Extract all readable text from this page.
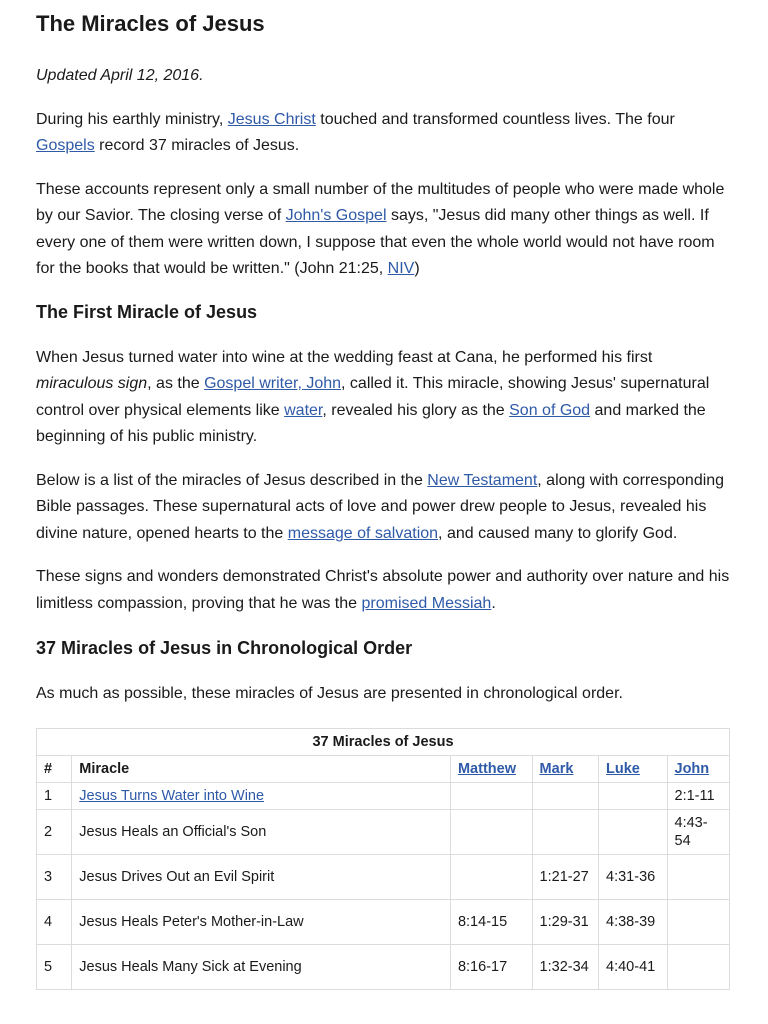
The Miracles of Jesus

Updated April 12, 2016.

During his earthly ministry, Jesus Christ touched and transformed countless lives. The four Gospels record 37 miracles of Jesus.

These accounts represent only a small number of the multitudes of people who were made whole by our Savior. The closing verse of John's Gospel says, "Jesus did many other things as well. If every one of them were written down, I suppose that even the whole world would not have room for the books that would be written." (John 21:25, NIV)

The First Miracle of Jesus

When Jesus turned water into wine at the wedding feast at Cana, he performed his first miraculous sign, as the Gospel writer, John, called it. This miracle, showing Jesus' supernatural control over physical elements like water, revealed his glory as the Son of God and marked the beginning of his public ministry.

Below is a list of the miracles of Jesus described in the New Testament, along with corresponding Bible passages. These supernatural acts of love and power drew people to Jesus, revealed his divine nature, opened hearts to the message of salvation, and caused many to glorify God.

These signs and wonders demonstrated Christ's absolute power and authority over nature and his limitless compassion, proving that he was the promised Messiah.

37 Miracles of Jesus in Chronological Order

As much as possible, these miracles of Jesus are presented in chronological order.

37 Miracles of Jesus					
#	Miracle	Matthew	Mark	Luke	John
1	Jesus Turns Water into Wine				2:1-11
2	Jesus Heals an Official's Son				4:43-54
3	Jesus Drives Out an Evil Spirit		1:21-27	4:31-36	
4	Jesus Heals Peter's Mother-in-Law	8:14-15	1:29-31	4:38-39	
5	Jesus Heals Many Sick at Evening	8:16-17	1:32-34	4:40-41	
